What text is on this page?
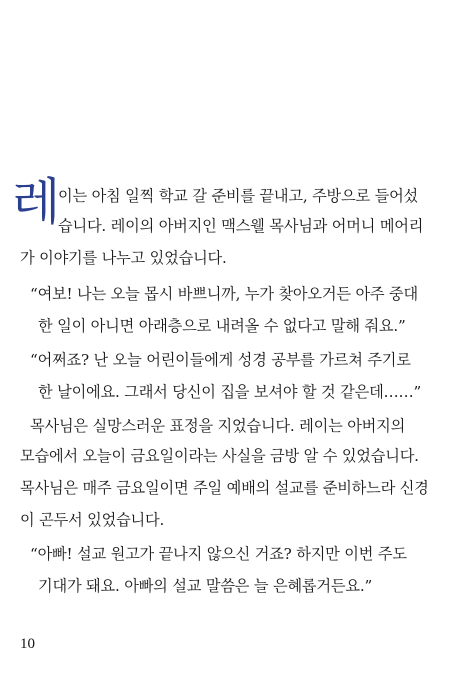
레
이는 아침 일찍 학교 갈 준비를 끝내고, 주방으로 들어섰
습니다. 레이의 아버지인 맥스웰 목사님과 어머니 메어리
가 이야기를 나누고 있었습니다.
“여보! 나는 오늘 몹시 바쁘니까, 누가 찾아오거든 아주 중대
한 일이 아니면 아래층으로 내려올 수 없다고 말해 줘요.”
“어쩌죠? 난 오늘 어린이들에게 성경 공부를 가르쳐 주기로
한 날이에요. 그래서 당신이 집을 보셔야 할 것 같은데……”
목사님은 실망스러운 표정을 지었습니다. 레이는 아버지의
모습에서 오늘이 금요일이라는 사실을 금방 알 수 있었습니다.
목사님은 매주 금요일이면 주일 예배의 설교를 준비하느라 신경
이 곤두서 있었습니다.
“아빠! 설교 원고가 끝나지 않으신 거죠? 하지만 이번 주도
기대가 돼요. 아빠의 설교 말씀은 늘 은혜롭거든요.”
10
